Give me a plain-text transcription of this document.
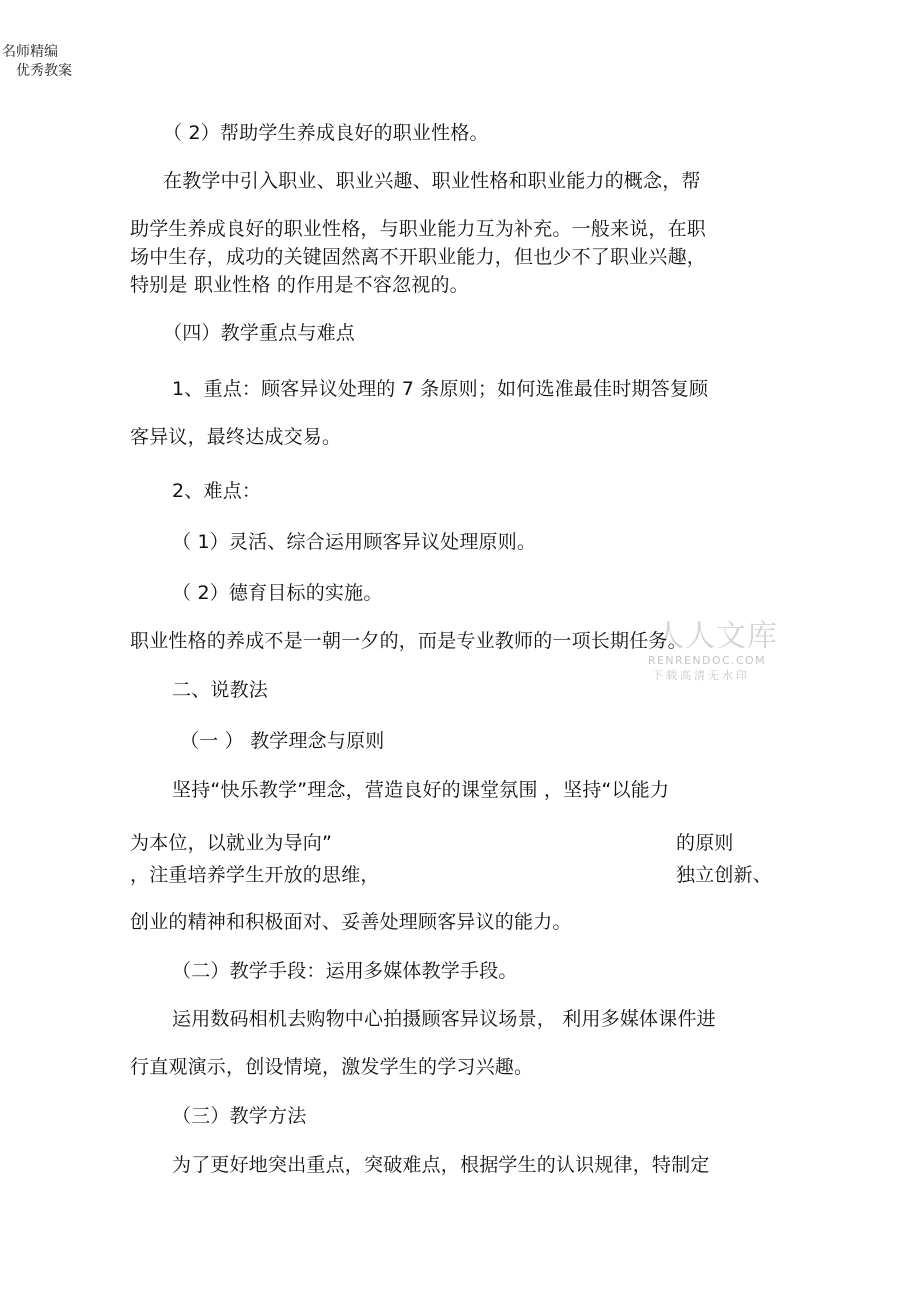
名师精编
优秀教案
人人文库
RENRENDOC.COM
下载高清无水印
（ 2）帮助学生养成良好的职业性格。
在教学中引入职业、职业兴趣、职业性格和职业能力的概念，帮
助学生养成良好的职业性格，与职业能力互为补充。一般来说，在职
场中生存，成功的关键固然离不开职业能力，但也少不了职业兴趣，
特别是 职业性格 的作用是不容忽视的。
（四）教学重点与难点
1、重点：顾客异议处理的 7 条原则；如何选准最佳时期答复顾
客异议，最终达成交易。
2、难点：
（ 1）灵活、综合运用顾客异议处理原则。
（ 2）德育目标的实施。
职业性格的养成不是一朝一夕的，而是专业教师的一项长期任务。
二、说教法
（一 ） 教学理念与原则
坚持“快乐教学”理念，营造良好的课堂氛围 ，坚持“以能力
为本位，以就业为导向”	的原则
，注重培养学生开放的思维，	独立创新、
创业的精神和积极面对、妥善处理顾客异议的能力。
（二）教学手段：运用多媒体教学手段。
运用数码相机去购物中心拍摄顾客异议场景， 利用多媒体课件进
行直观演示，创设情境，激发学生的学习兴趣。
（三）教学方法
为了更好地突出重点，突破难点，根据学生的认识规律，特制定
